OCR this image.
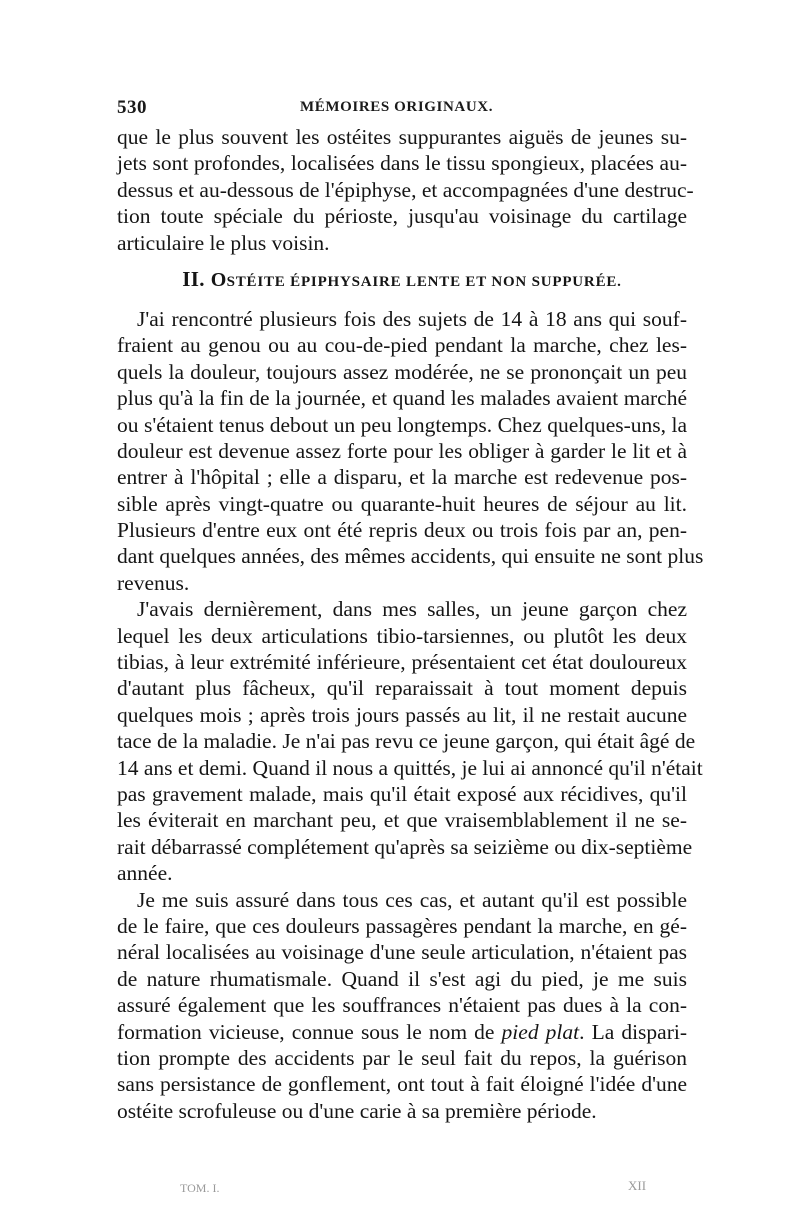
530	MÉMOIRES ORIGINAUX.
que le plus souvent les ostéites suppurantes aiguës de jeunes su-
jets sont profondes, localisées dans le tissu spongieux, placées au-
dessus et au-dessous de l'épiphyse, et accompagnées d'une destruc-
tion toute spéciale du périoste, jusqu'au voisinage du cartilage
articulaire le plus voisin.
II. OSTÉITE ÉPIPHYSAIRE LENTE ET NON SUPPURÉE.
J'ai rencontré plusieurs fois des sujets de 14 à 18 ans qui souf-
fraient au genou ou au cou-de-pied pendant la marche, chez les-
quels la douleur, toujours assez modérée, ne se prononçait un peu
plus qu'à la fin de la journée, et quand les malades avaient marché
ou s'étaient tenus debout un peu longtemps. Chez quelques-uns, la
douleur est devenue assez forte pour les obliger à garder le lit et à
entrer à l'hôpital ; elle a disparu, et la marche est redevenue pos-
sible après vingt-quatre ou quarante-huit heures de séjour au lit.
Plusieurs d'entre eux ont été repris deux ou trois fois par an, pen-
dant quelques années, des mêmes accidents, qui ensuite ne sont plus
revenus.
J'avais dernièrement, dans mes salles, un jeune garçon chez
lequel les deux articulations tibio-tarsiennes, ou plutôt les deux
tibias, à leur extrémité inférieure, présentaient cet état douloureux
d'autant plus fâcheux, qu'il reparaissait à tout moment depuis
quelques mois ; après trois jours passés au lit, il ne restait aucune
tace de la maladie. Je n'ai pas revu ce jeune garçon, qui était âgé de
14 ans et demi. Quand il nous a quittés, je lui ai annoncé qu'il n'était
pas gravement malade, mais qu'il était exposé aux récidives, qu'il
les éviterait en marchant peu, et que vraisemblablement il ne se-
rait débarrassé complétement qu'après sa seizième ou dix-septième
année.
Je me suis assuré dans tous ces cas, et autant qu'il est possible
de le faire, que ces douleurs passagères pendant la marche, en gé-
néral localisées au voisinage d'une seule articulation, n'étaient pas
de nature rhumatismale. Quand il s'est agi du pied, je me suis
assuré également que les souffrances n'étaient pas dues à la con-
formation vicieuse, connue sous le nom de pied plat. La dispari-
tion prompte des accidents par le seul fait du repos, la guérison
sans persistance de gonflement, ont tout à fait éloigné l'idée d'une
ostéite scrofuleuse ou d'une carie à sa première période.
TOM. I.	XII
